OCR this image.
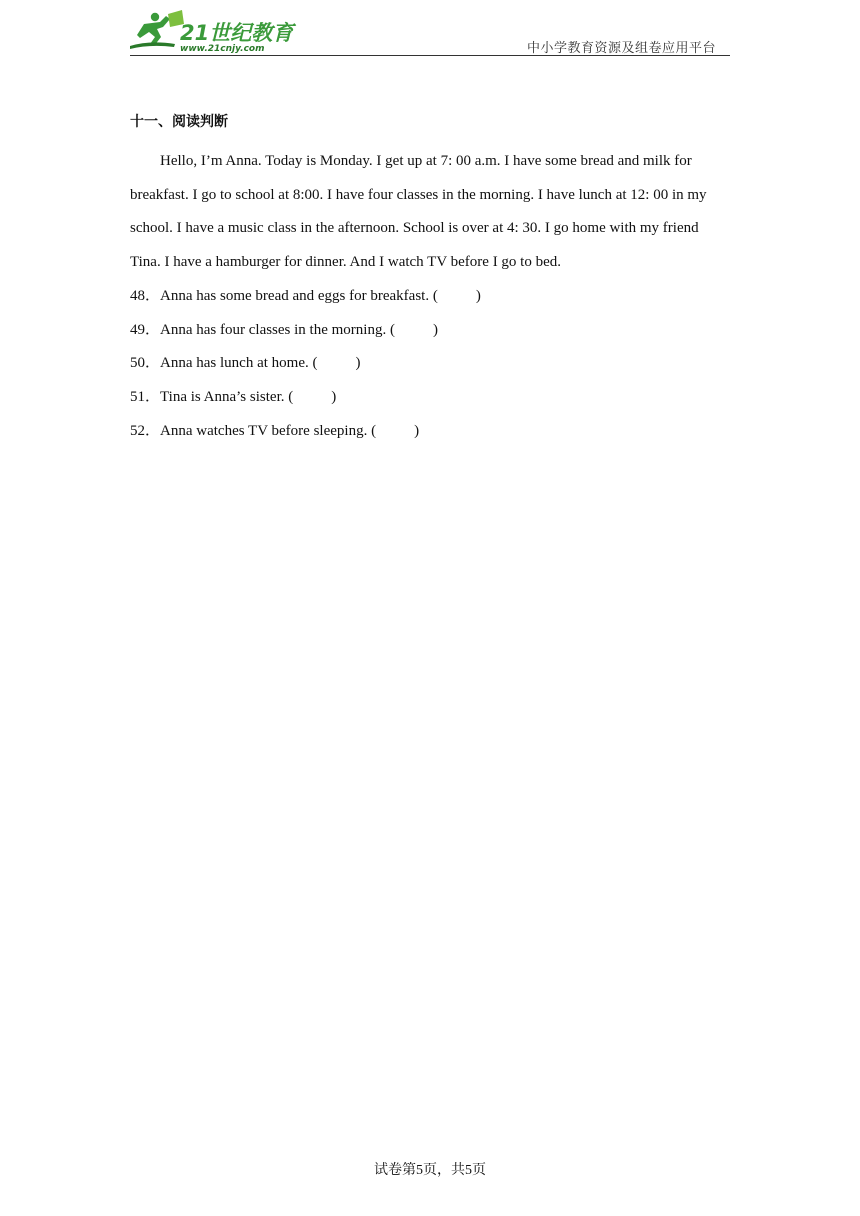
21世纪教育
www.21cnjy.com	中小学教育资源及组卷应用平台
十一、阅读判断

Hello, I’m Anna. Today is Monday. I get up at 7: 00 a.m. I have some bread and milk for breakfast. I go to school at 8:00. I have four classes in the morning. I have lunch at 12: 00 in my school. I have a music class in the afternoon. School is over at 4: 30. I go home with my friend Tina. I have a hamburger for dinner. And I watch TV before I go to bed.

48．Anna has some bread and eggs for breakfast. (	)
49．Anna has four classes in the morning. (	)
50．Anna has lunch at home. (	)
51．Tina is Anna’s sister. (	)
52．Anna watches TV before sleeping. (	)
试卷第5页，共5页
